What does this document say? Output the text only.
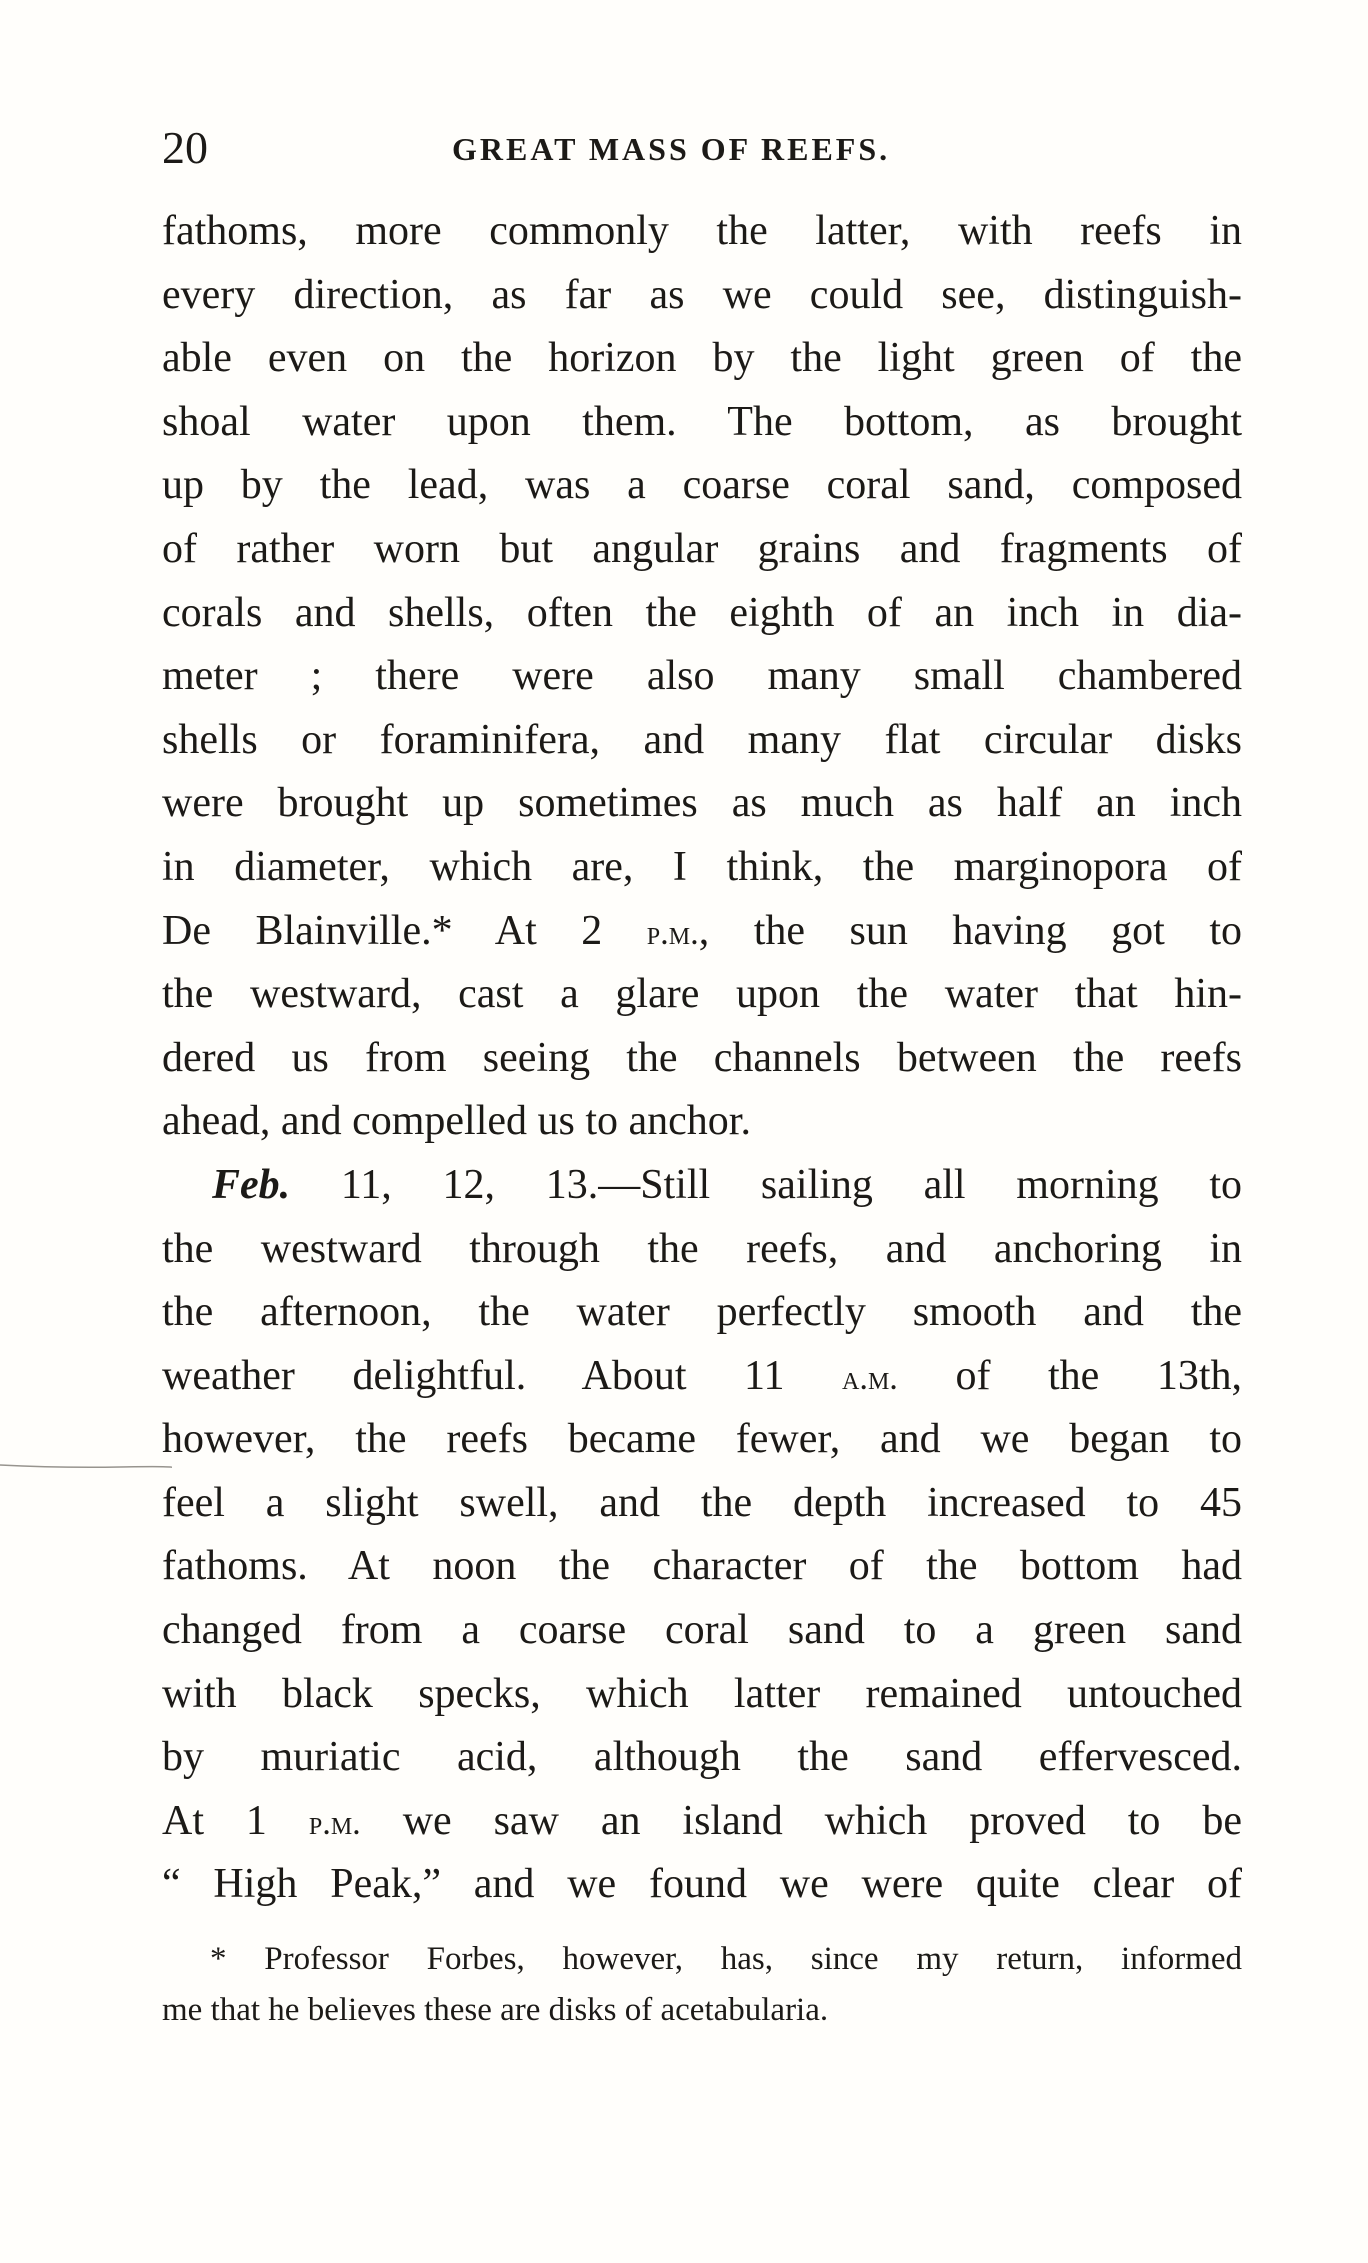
20	GREAT MASS OF REEFS.
fathoms, more commonly the latter, with reefs in
every direction, as far as we could see, distinguish-
able even on the horizon by the light green of the
shoal water upon them. The bottom, as brought
up by the lead, was a coarse coral sand, composed
of rather worn but angular grains and fragments of
corals and shells, often the eighth of an inch in dia-
meter ; there were also many small chambered
shells or foraminifera, and many flat circular disks
were brought up sometimes as much as half an inch
in diameter, which are, I think, the marginopora of
De Blainville.* At 2 p.m., the sun having got to
the westward, cast a glare upon the water that hin-
dered us from seeing the channels between the reefs
ahead, and compelled us to anchor.
Feb. 11, 12, 13.—Still sailing all morning to
the westward through the reefs, and anchoring in
the afternoon, the water perfectly smooth and the
weather delightful. About 11 a.m. of the 13th,
however, the reefs became fewer, and we began to
feel a slight swell, and the depth increased to 45
fathoms. At noon the character of the bottom had
changed from a coarse coral sand to a green sand
with black specks, which latter remained untouched
by muriatic acid, although the sand effervesced.
At 1 p.m. we saw an island which proved to be
“ High Peak,” and we found we were quite clear of
* Professor Forbes, however, has, since my return, informed
me that he believes these are disks of acetabularia.
